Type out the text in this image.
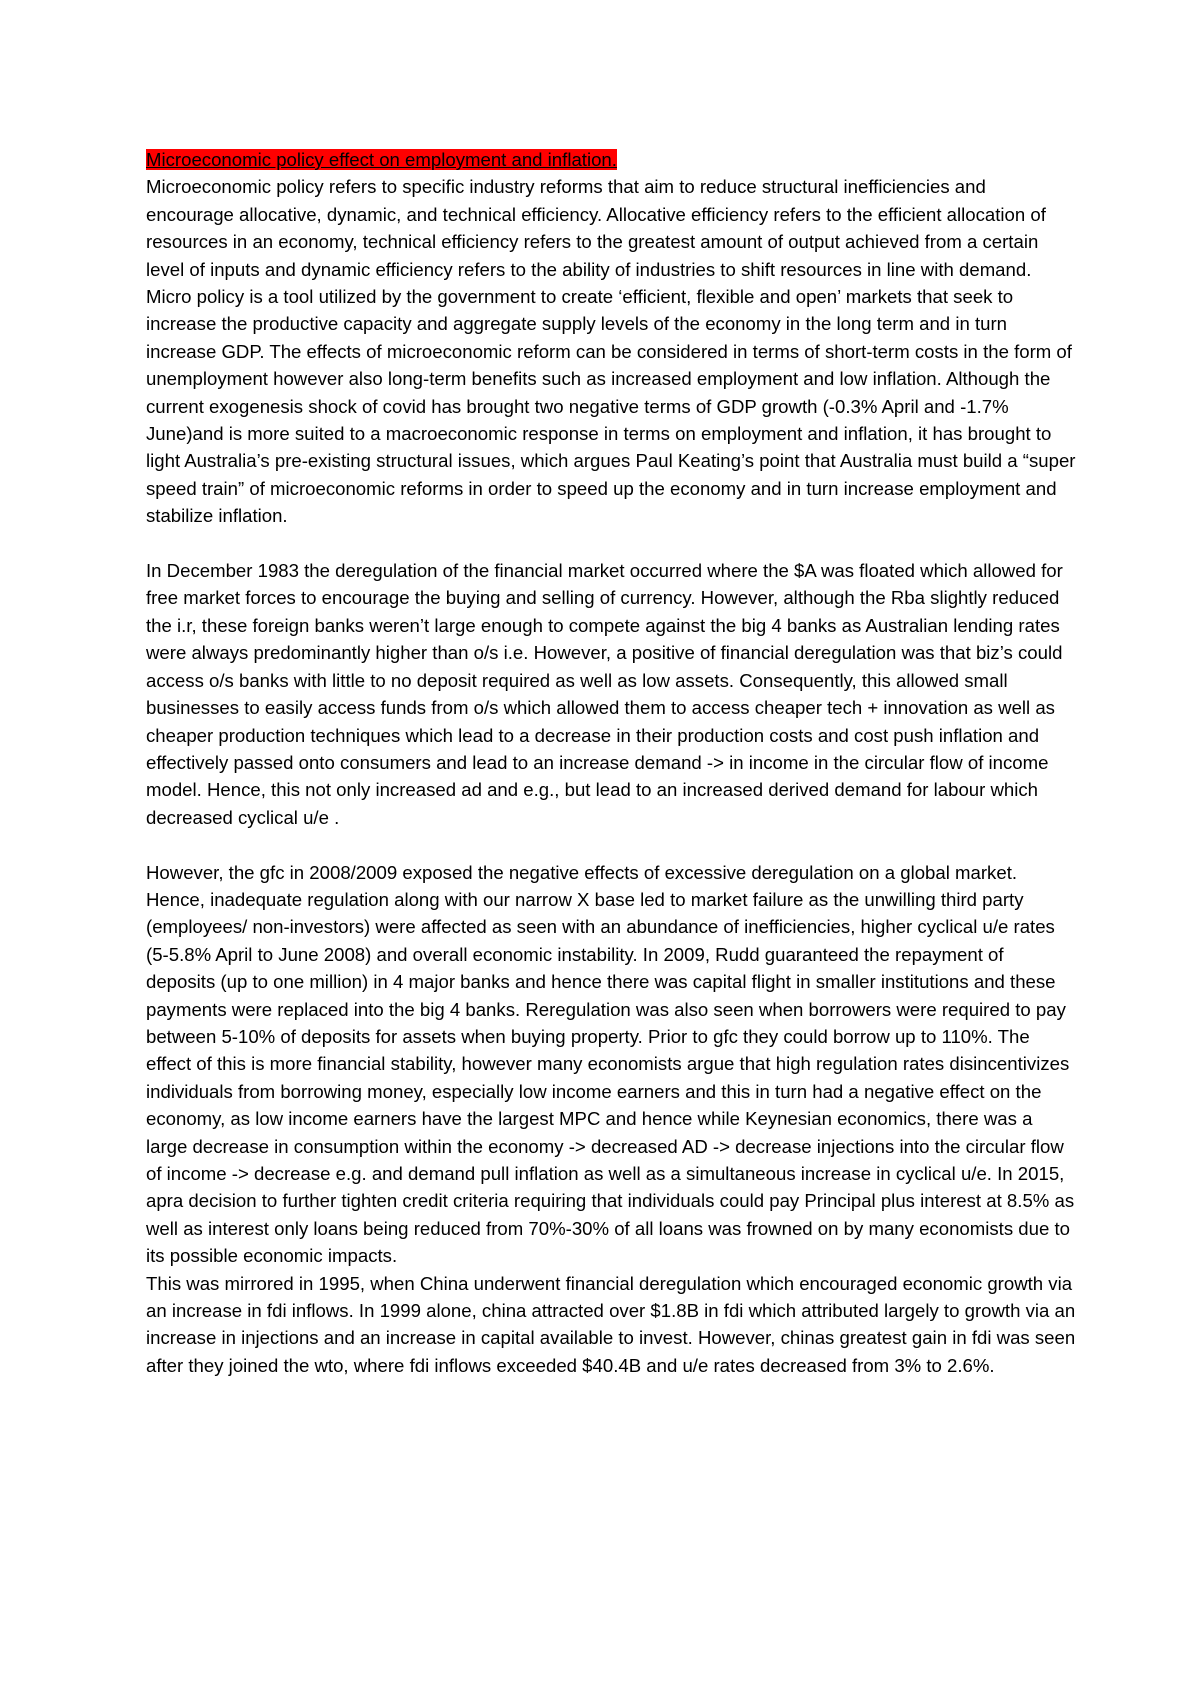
Microeconomic policy effect on employment and inflation.

Microeconomic policy refers to specific industry reforms that aim to reduce structural inefficiencies and encourage allocative, dynamic, and technical efficiency. Allocative efficiency refers to the efficient allocation of resources in an economy, technical efficiency refers to the greatest amount of output achieved from a certain level of inputs and dynamic efficiency refers to the ability of industries to shift resources in line with demand. Micro policy is a tool utilized by the government to create ‘efficient, flexible and open’ markets that seek to increase the productive capacity and aggregate supply levels of the economy in the long term and in turn increase GDP. The effects of microeconomic reform can be considered in terms of short-term costs in the form of unemployment however also long-term benefits such as increased employment and low inflation. Although the current exogenesis shock of covid has brought two negative terms of GDP growth (-0.3% April and -1.7% June)and is more suited to a macroeconomic response in terms on employment and inflation, it has brought to light Australia’s pre-existing structural issues, which argues Paul Keating’s point that Australia must build a “super speed train” of microeconomic reforms in order to speed up the economy and in turn increase employment and stabilize inflation.

In December 1983 the deregulation of the financial market occurred where the $A was floated which allowed for free market forces to encourage the buying and selling of currency. However, although the Rba slightly reduced the i.r, these foreign banks weren’t large enough to compete against the big 4 banks as Australian lending rates were always predominantly higher than o/s i.e. However, a positive of financial deregulation was that biz’s could access o/s banks with little to no deposit required as well as low assets. Consequently, this allowed small businesses to easily access funds from o/s which allowed them to access cheaper tech + innovation as well as cheaper production techniques which lead to a decrease in their production costs and cost push inflation and effectively passed onto consumers and lead to an increase demand -> in income in the circular flow of income model. Hence, this not only increased ad and e.g., but lead to an increased derived demand for labour which decreased cyclical u/e .

However, the gfc in 2008/2009 exposed the negative effects of excessive deregulation on a global market. Hence, inadequate regulation along with our narrow X base led to market failure as the unwilling third party (employees/ non-investors) were affected as seen with an abundance of inefficiencies, higher cyclical u/e rates (5-5.8% April to June 2008) and overall economic instability. In 2009, Rudd guaranteed the repayment of deposits (up to one million) in 4 major banks and hence there was capital flight in smaller institutions and these payments were replaced into the big 4 banks. Reregulation was also seen when borrowers were required to pay between 5-10% of deposits for assets when buying property. Prior to gfc they could borrow up to 110%. The effect of this is more financial stability, however many economists argue that high regulation rates disincentivizes individuals from borrowing money, especially low income earners and this in turn had a negative effect on the economy, as low income earners have the largest MPC and hence while Keynesian economics, there was a large decrease in consumption within the economy -> decreased AD -> decrease injections into the circular flow of income -> decrease e.g. and demand pull inflation as well as a simultaneous increase in cyclical u/e. In 2015, apra decision to further tighten credit criteria requiring that individuals could pay Principal plus interest at 8.5% as well as interest only loans being reduced from 70%-30% of all loans was frowned on by many economists due to its possible economic impacts.

This was mirrored in 1995, when China underwent financial deregulation which encouraged economic growth via an increase in fdi inflows. In 1999 alone, china attracted over $1.8B in fdi which attributed largely to growth via an increase in injections and an increase in capital available to invest. However, chinas greatest gain in fdi was seen after they joined the wto, where fdi inflows exceeded $40.4B and u/e rates decreased from 3% to 2.6%.
